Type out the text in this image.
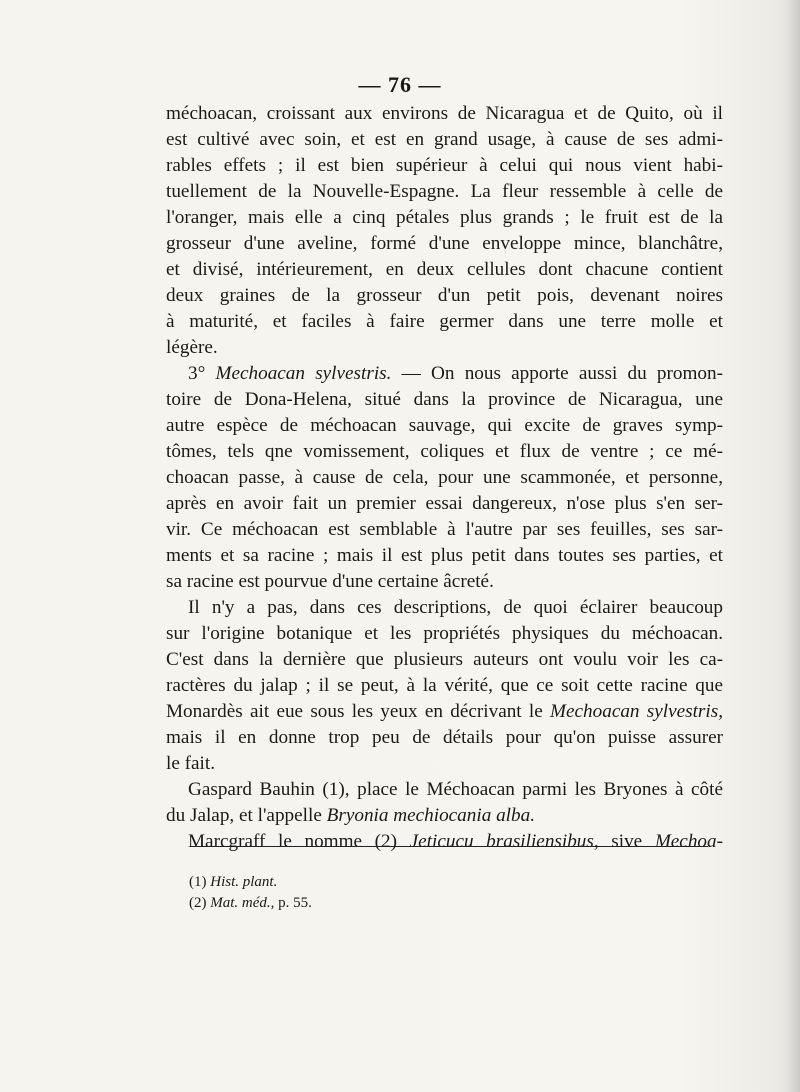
— 76 —
méchoacan, croissant aux environs de Nicaragua et de Quito, où il
est cultivé avec soin, et est en grand usage, à cause de ses admi-
rables effets ; il est bien supérieur à celui qui nous vient habi-
tuellement de la Nouvelle-Espagne. La fleur ressemble à celle de
l'oranger, mais elle a cinq pétales plus grands ; le fruit est de la
grosseur d'une aveline, formé d'une enveloppe mince, blanchâtre,
et divisé, intérieurement, en deux cellules dont chacune contient
deux graines de la grosseur d'un petit pois, devenant noires
à maturité, et faciles à faire germer dans une terre molle et
légère.
3° Mechoacan sylvestris. — On nous apporte aussi du promon-
toire de Dona-Helena, situé dans la province de Nicaragua, une
autre espèce de méchoacan sauvage, qui excite de graves symp-
tômes, tels qne vomissement, coliques et flux de ventre ; ce mé-
choacan passe, à cause de cela, pour une scammonée, et personne,
après en avoir fait un premier essai dangereux, n'ose plus s'en ser-
vir. Ce méchoacan est semblable à l'autre par ses feuilles, ses sar-
ments et sa racine ; mais il est plus petit dans toutes ses parties, et
sa racine est pourvue d'une certaine âcreté.
Il n'y a pas, dans ces descriptions, de quoi éclairer beaucoup
sur l'origine botanique et les propriétés physiques du méchoacan.
C'est dans la dernière que plusieurs auteurs ont voulu voir les ca-
ractères du jalap ; il se peut, à la vérité, que ce soit cette racine que
Monardès ait eue sous les yeux en décrivant le Mechoacan sylvestris,
mais il en donne trop peu de détails pour qu'on puisse assurer
le fait.
Gaspard Bauhin (1), place le Méchoacan parmi les Bryones à côté
du Jalap, et l'appelle Bryonia mechiocania alba.
Marcgraff le nomme (2) Jeticucu brasiliensibus, sive Mechoa-
(1) Hist. plant.
(2) Mat. méd., p. 55.
